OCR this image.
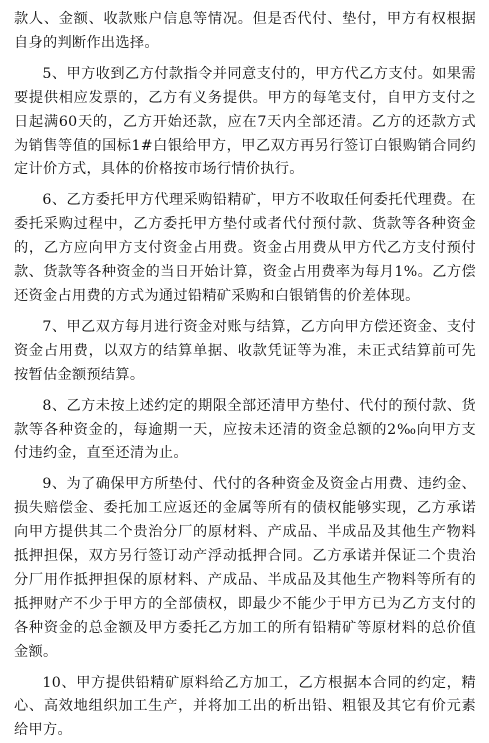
款人、金额、收款账户信息等情况。但是否代付、垫付，甲方有权根据自身的判断作出选择。

5、甲方收到乙方付款指令并同意支付的，甲方代乙方支付。如果需要提供相应发票的，乙方有义务提供。甲方的每笔支付，自甲方支付之日起满60天的，乙方开始还款，应在7天内全部还清。乙方的还款方式为销售等值的国标1#白银给甲方，甲乙双方再另行签订白银购销合同约定计价方式，具体的价格按市场行情价执行。

6、乙方委托甲方代理采购铅精矿，甲方不收取任何委托代理费。在委托采购过程中，乙方委托甲方垫付或者代付预付款、货款等各种资金的，乙方应向甲方支付资金占用费。资金占用费从甲方代乙方支付预付款、货款等各种资金的当日开始计算，资金占用费率为每月1%。乙方偿还资金占用费的方式为通过铅精矿采购和白银销售的价差体现。

7、甲乙双方每月进行资金对账与结算，乙方向甲方偿还资金、支付资金占用费，以双方的结算单据、收款凭证等为准，未正式结算前可先按暂估金额预结算。

8、乙方未按上述约定的期限全部还清甲方垫付、代付的预付款、货款等各种资金的，每逾期一天，应按未还清的资金总额的2‰向甲方支付违约金，直至还清为止。

9、为了确保甲方所垫付、代付的各种资金及资金占用费、违约金、损失赔偿金、委托加工应返还的金属等所有的债权能够实现，乙方承诺向甲方提供其二个贵治分厂的原材料、产成品、半成品及其他生产物料抵押担保，双方另行签订动产浮动抵押合同。乙方承诺并保证二个贵治分厂用作抵押担保的原材料、产成品、半成品及其他生产物料等所有的抵押财产不少于甲方的全部债权，即最少不能少于甲方已为乙方支付的各种资金的总金额及甲方委托乙方加工的所有铅精矿等原材料的总价值金额。

10、甲方提供铅精矿原料给乙方加工，乙方根据本合同的约定，精心、高效地组织加工生产，并将加工出的析出铅、粗银及其它有价元素给甲方。
